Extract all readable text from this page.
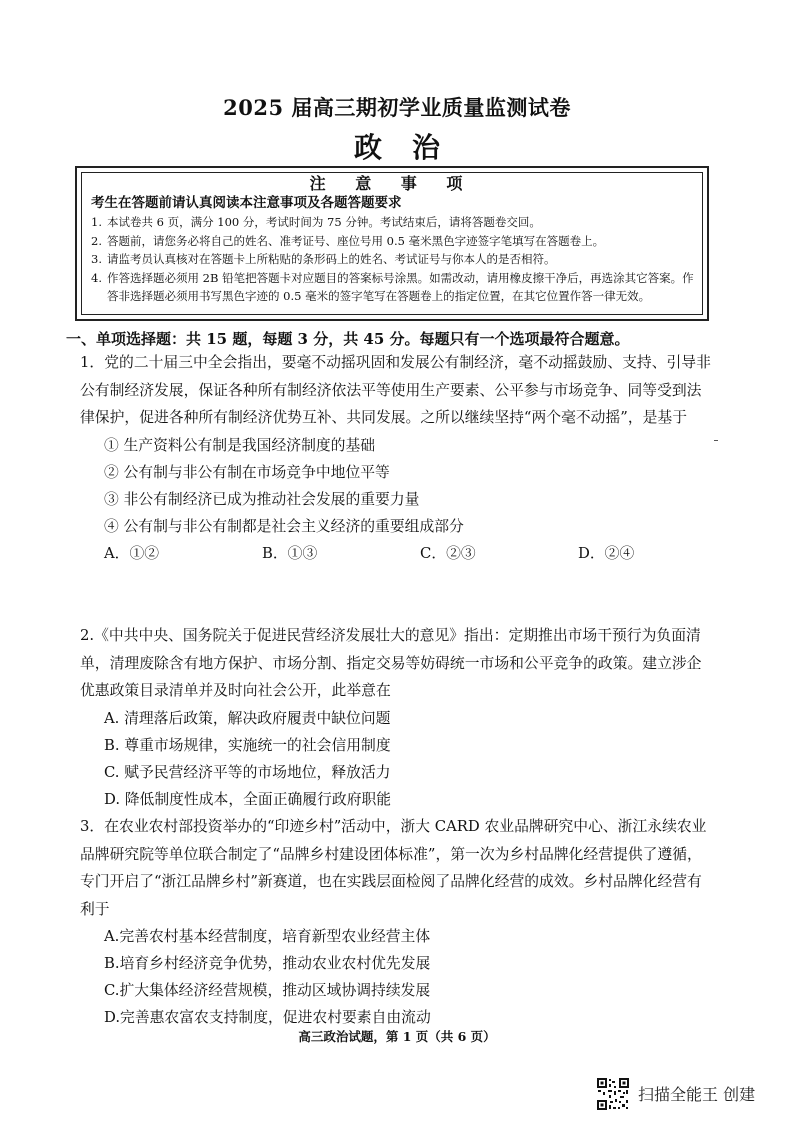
2025 届高三期初学业质量监测试卷
政治
注 意 事 项
考生在答题前请认真阅读本注意事项及各题答题要求
1. 本试卷共 6 页，满分 100 分，考试时间为 75 分钟。考试结束后，请将答题卷交回。
2. 答题前，请您务必将自己的姓名、准考证号、座位号用 0.5 毫米黑色字迹签字笔填写在答题卷上。
3. 请监考员认真核对在答题卡上所粘贴的条形码上的姓名、考试证号与你本人的是否相符。
4. 作答选择题必须用 2B 铅笔把答题卡对应题目的答案标号涂黑。如需改动，请用橡皮擦干净后，再选涂其它答案。作答非选择题必须用书写黑色字迹的 0.5 毫米的签字笔写在答题卷上的指定位置，在其它位置作答一律无效。
一、单项选择题：共 15 题，每题 3 分，共 45 分。每题只有一个选项最符合题意。
1．党的二十届三中全会指出，要毫不动摇巩固和发展公有制经济，毫不动摇鼓励、支持、引导非公有制经济发展，保证各种所有制经济依法平等使用生产要素、公平参与市场竞争、同等受到法律保护，促进各种所有制经济优势互补、共同发展。之所以继续坚持“两个毫不动摇”，是基于
① 生产资料公有制是我国经济制度的基础
② 公有制与非公有制在市场竞争中地位平等
③ 非公有制经济已成为推动社会发展的重要力量
④ 公有制与非公有制都是社会主义经济的重要组成部分
A．①②	B．①③	C．②③	D．②④
2.《中共中央、国务院关于促进民营经济发展壮大的意见》指出：定期推出市场干预行为负面清单，清理废除含有地方保护、市场分割、指定交易等妨碍统一市场和公平竞争的政策。建立涉企优惠政策目录清单并及时向社会公开，此举意在
A. 清理落后政策，解决政府履责中缺位问题
B. 尊重市场规律，实施统一的社会信用制度
C. 赋予民营经济平等的市场地位，释放活力
D. 降低制度性成本，全面正确履行政府职能
3．在农业农村部投资举办的“印迹乡村”活动中，浙大 CARD 农业品牌研究中心、浙江永续农业品牌研究院等单位联合制定了“品牌乡村建设团体标准”，第一次为乡村品牌化经营提供了遵循，专门开启了“浙江品牌乡村”新赛道，也在实践层面检阅了品牌化经营的成效。乡村品牌化经营有利于
A.完善农村基本经营制度，培育新型农业经营主体
B.培育乡村经济竞争优势，推动农业农村优先发展
C.扩大集体经济经营规模，推动区域协调持续发展
D.完善惠农富农支持制度，促进农村要素自由流动
高三政治试题，第 1 页（共 6 页）
扫描全能王 创建
